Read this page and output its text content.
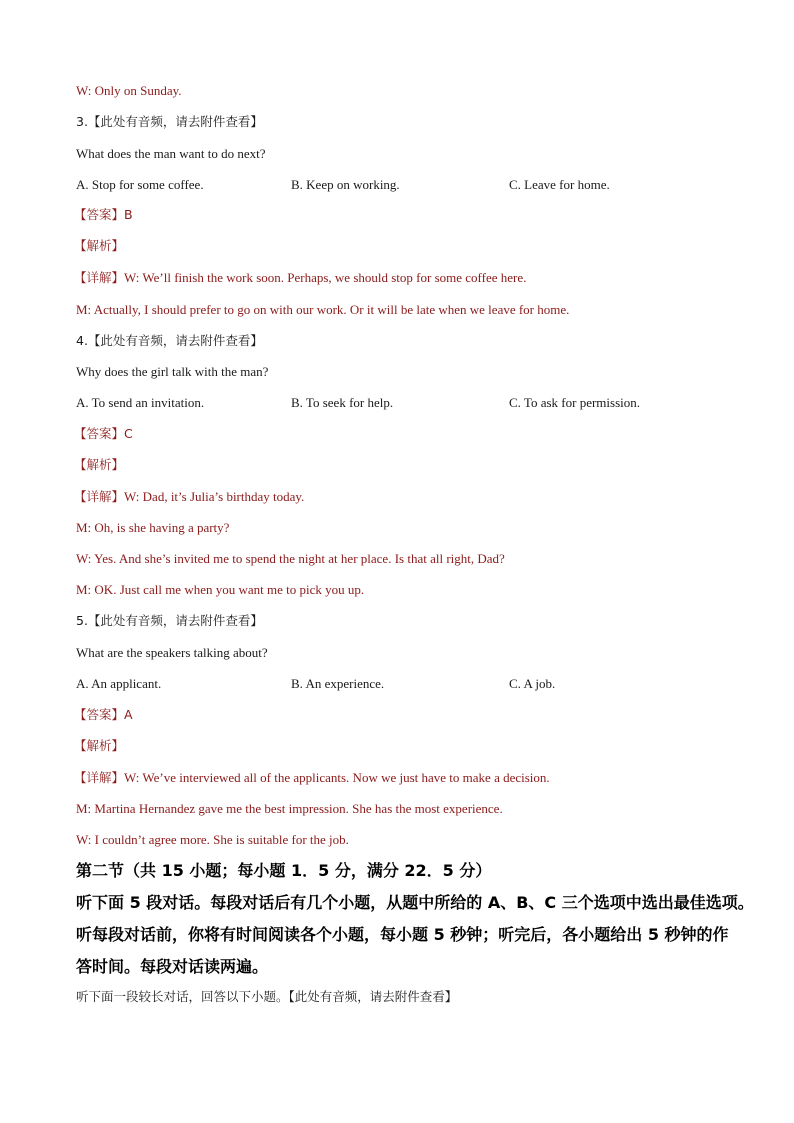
W: Only on Sunday.
3.【此处有音频，请去附件查看】
What does the man want to do next?
A. Stop for some coffee.	B. Keep on working.	C. Leave for home.
【答案】B
【解析】
【详解】W: We’ll finish the work soon. Perhaps, we should stop for some coffee here.
M: Actually, I should prefer to go on with our work. Or it will be late when we leave for home.
4.【此处有音频，请去附件查看】
Why does the girl talk with the man?
A. To send an invitation.	B. To seek for help.	C. To ask for permission.
【答案】C
【解析】
【详解】W: Dad, it’s Julia’s birthday today.
M: Oh, is she having a party?
W: Yes. And she’s invited me to spend the night at her place. Is that all right, Dad?
M: OK. Just call me when you want me to pick you up.
5.【此处有音频，请去附件查看】
What are the speakers talking about?
A. An applicant.	B. An experience.	C. A job.
【答案】A
【解析】
【详解】W: We’ve interviewed all of the applicants. Now we just have to make a decision.
M: Martina Hernandez gave me the best impression. She has the most experience.
W: I couldn’t agree more. She is suitable for the job.
第二节（共 15 小题；每小题 1．5 分，满分 22．5 分）
听下面 5 段对话。每段对话后有几个小题，从题中所给的 A、B、C 三个选项中选出最佳选项。
听每段对话前，你将有时间阅读各个小题，每小题 5 秒钟；听完后，各小题给出 5 秒钟的作
答时间。每段对话读两遍。
听下面一段较长对话，回答以下小题。【此处有音频，请去附件查看】
